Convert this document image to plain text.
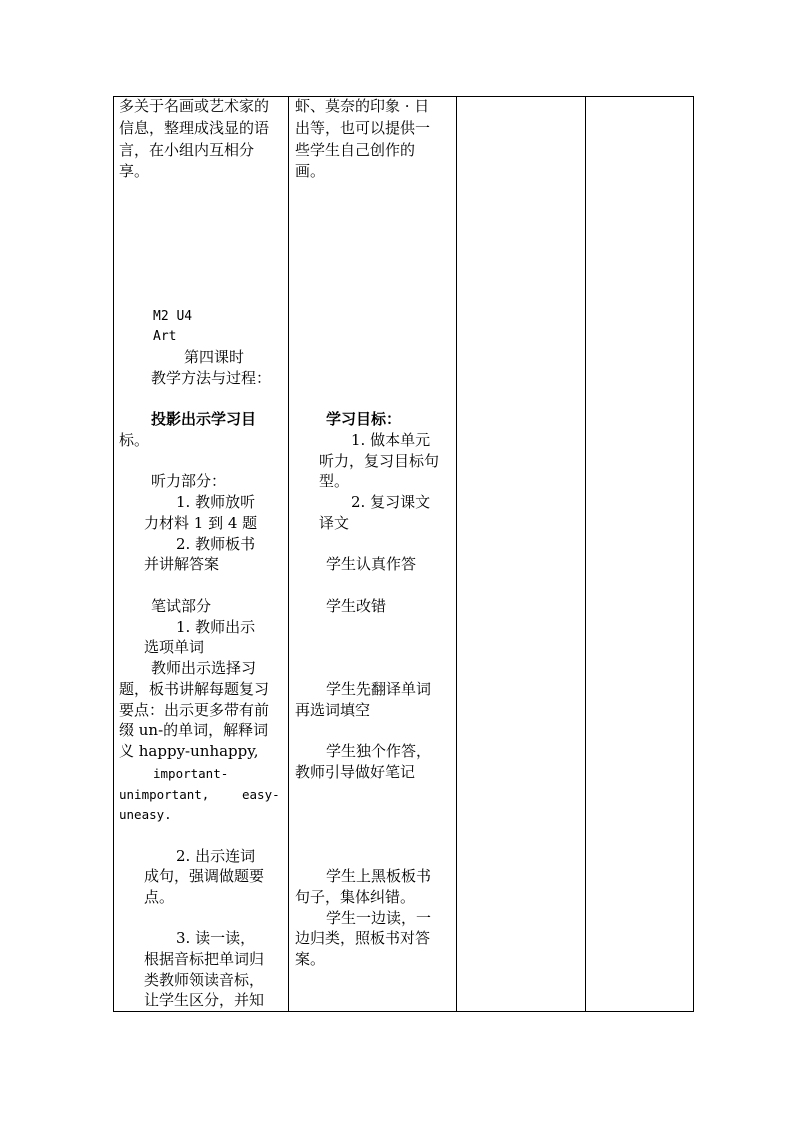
多关于名画或艺术家的
信息，整理成浅显的语
言，在小组内互相分
享。
M2 U4
Art
第四课时
教学方法与过程：
投影出示学习目
标。
听力部分：
1. 教师放听
力材料 1 到 4 题
2. 教师板书
并讲解答案
笔试部分
1. 教师出示
选项单词
教师出示选择习
题，板书讲解每题复习
要点：出示更多带有前
缀 un-的单词，解释词
义 happy-unhappy,
important-
unimportant,	easy-
uneasy.
2. 出示连词
成句，强调做题要
点。
3. 读一读，
根据音标把单词归
类教师领读音标，
让学生区分，并知
虾、莫奈的印象 · 日
出等，也可以提供一
些学生自己创作的
画。
学习目标：
1. 做本单元
听力，复习目标句
型。
2. 复习课文
译文
学生认真作答
学生改错
学生先翻译单词
再选词填空
学生独个作答，
教师引导做好笔记
学生上黑板板书
句子，集体纠错。
学生一边读，一
边归类，照板书对答
案。
